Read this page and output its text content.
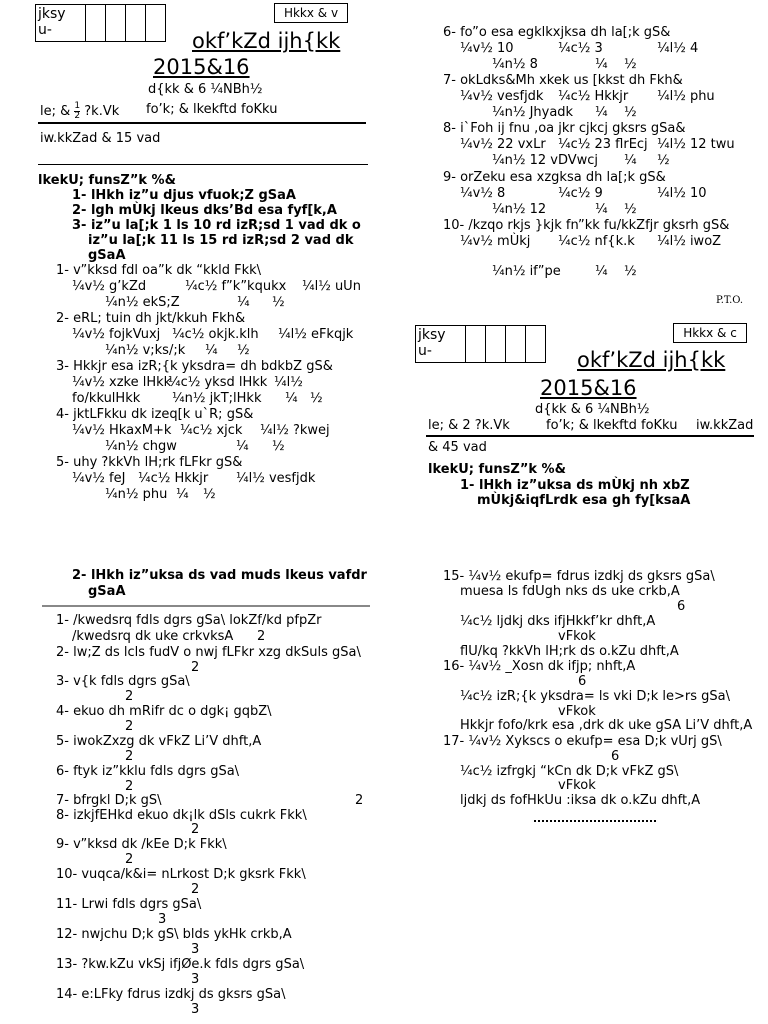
jksy
u-
Hkkx & v
okf’kZd ijh{kk
2015&16
d{kk & 6 ¼NBh½
le; & $\frac{1}{2}$ ?k.Vk fo’k; & lkekftd foKku
iw.kkZad & 15 vad
lkekU; funsZ”k %&
1- lHkh iz”u djus vfuok;Z gSaA
2- lgh mÙkj lkeus dks’Bd esa fyf[k,A
3- iz”u la[;k 1 ls 10 rd izR;sd 1 vad dk o
iz”u la[;k 11 ls 15 rd izR;sd 2 vad dk
gSaA
1- v”kksd fdl oa”k dk “kkld Fkk\
¼v½ g’kZd	¼c½ f”k”kqukx ¼l½ uUn
¼n½ ekS;Z	¼ ½
2- eRL; tuin dh jkt/kkuh Fkh&
¼v½ fojkVuxj ¼c½ okjk.klh ¼l½ eFkqjk
¼n½ v;ks/;k ¼ ½
3- Hkkjr esa izR;{k yksdra= dh bdkbZ gS&
¼v½ xzke lHkk
¼c½ yksd lHkk ¼l½
fo/kkulHkk ¼n½ jkT;lHkk ¼ ½
4- jktLFkku dk izeq[k u`R; gS&
¼v½ HkaxM+k ¼c½ xjck ¼l½ ?kwej
¼n½ chgw	¼ ½
5- uhy ?kkVh lH;rk fLFkr gS&
¼v½ feJ ¼c½ Hkkjr ¼l½ vesfjdk
¼n½ phu ¼ ½
6- fo”o esa egklkxjksa dh la[;k gS&
¼v½ 10	¼c½ 3	¼l½ 4
¼n½ 8	¼ ½
7- okLdks&Mh xkek us [kkst dh Fkh&
¼v½ vesfjdk ¼c½ Hkkjr ¼l½ phu
¼n½ Jhyadk ¼ ½
8- i`Foh ij fnu ,oa jkr cjkcj gksrs gSa&
¼v½ 22 vxLr ¼c½ 23 flrEcj ¼l½ 12 twu
¼n½ 12 vDVwcj ¼ ½
9- orZeku esa xzgksa dh la[;k gS&
¼v½ 8	¼c½ 9	¼l½ 10
¼n½ 12	¼ ½
10- /kzqo rkjs }kjk fn”kk fu/kkZfjr gksrh gS&
¼v½ mÙkj ¼c½ nf{k.k ¼l½ iwoZ
¼n½ if”pe	¼ ½
P.T.O.
jksy
u-
Hkkx & c
okf’kZd ijh{kk
2015&16
d{kk & 6 ¼NBh½
le; & 2 ?k.Vk	fo’k; & lkekftd foKku iw.kkZad
& 45 vad
lkekU; funsZ”k %&
1- lHkh iz”uksa ds mÙkj nh xbZ
mÙkj&iqfLrdk esa gh fy[ksaA
2- lHkh iz”uksa ds vad muds lkeus vafdr
gSaA
1- /kwedsrq fdls dgrs gSa\ lokZf/kd pfpZr
/kwedsrq dk uke crkvksA 2
2- lw;Z ds lcls fudV o nwj fLFkr xzg dkSuls gSa\
2
3- v{k fdls dgrs gSa\
2
4- ekuo dh mRifr dc o dgk¡ gqbZ\
2
5- iwokZxzg dk vFkZ Li’V dhft,A
2
6- ftyk iz”kklu fdls dgrs gSa\
2
7- bfrgkl D;k gS\	2
8- izkjfEHkd ekuo dk¡lk dSls cukrk Fkk\
2
9- v”kksd dk /kEe D;k Fkk\
2
10- vuqca/k&i= nLrkost D;k gksrk Fkk\
2
11- Lrwi fdls dgrs gSa\
3
12- nwjchu D;k gS\ blds ykHk crkb,A
3
13- ?kw.kZu vkSj ifjØe.k fdls dgrs gSa\
3
14- e:LFky fdrus izdkj ds gksrs gSa\
3
15- ¼v½ ekufp= fdrus izdkj ds gksrs gSa\
muesa ls fdUgh nks ds uke crkb,A
6
¼c½ ljdkj dks ifjHkkf’kr dhft,A
vFkok
flU/kq ?kkVh lH;rk ds o.kZu dhft,A
16- ¼v½ _Xosn dk ifjp; nhft,A
6
¼c½ izR;{k yksdra= ls vki D;k le>rs gSa\
vFkok
Hkkjr fofo/krk esa ,drk dk uke gSA Li’V dhft,A
17- ¼v½ Xykscs o ekufp= esa D;k vUrj gS\
6
¼c½ izfrgkj “kCn dk D;k vFkZ gS\
vFkok
ljdkj ds fofHkUu :iksa dk o.kZu dhft,A
